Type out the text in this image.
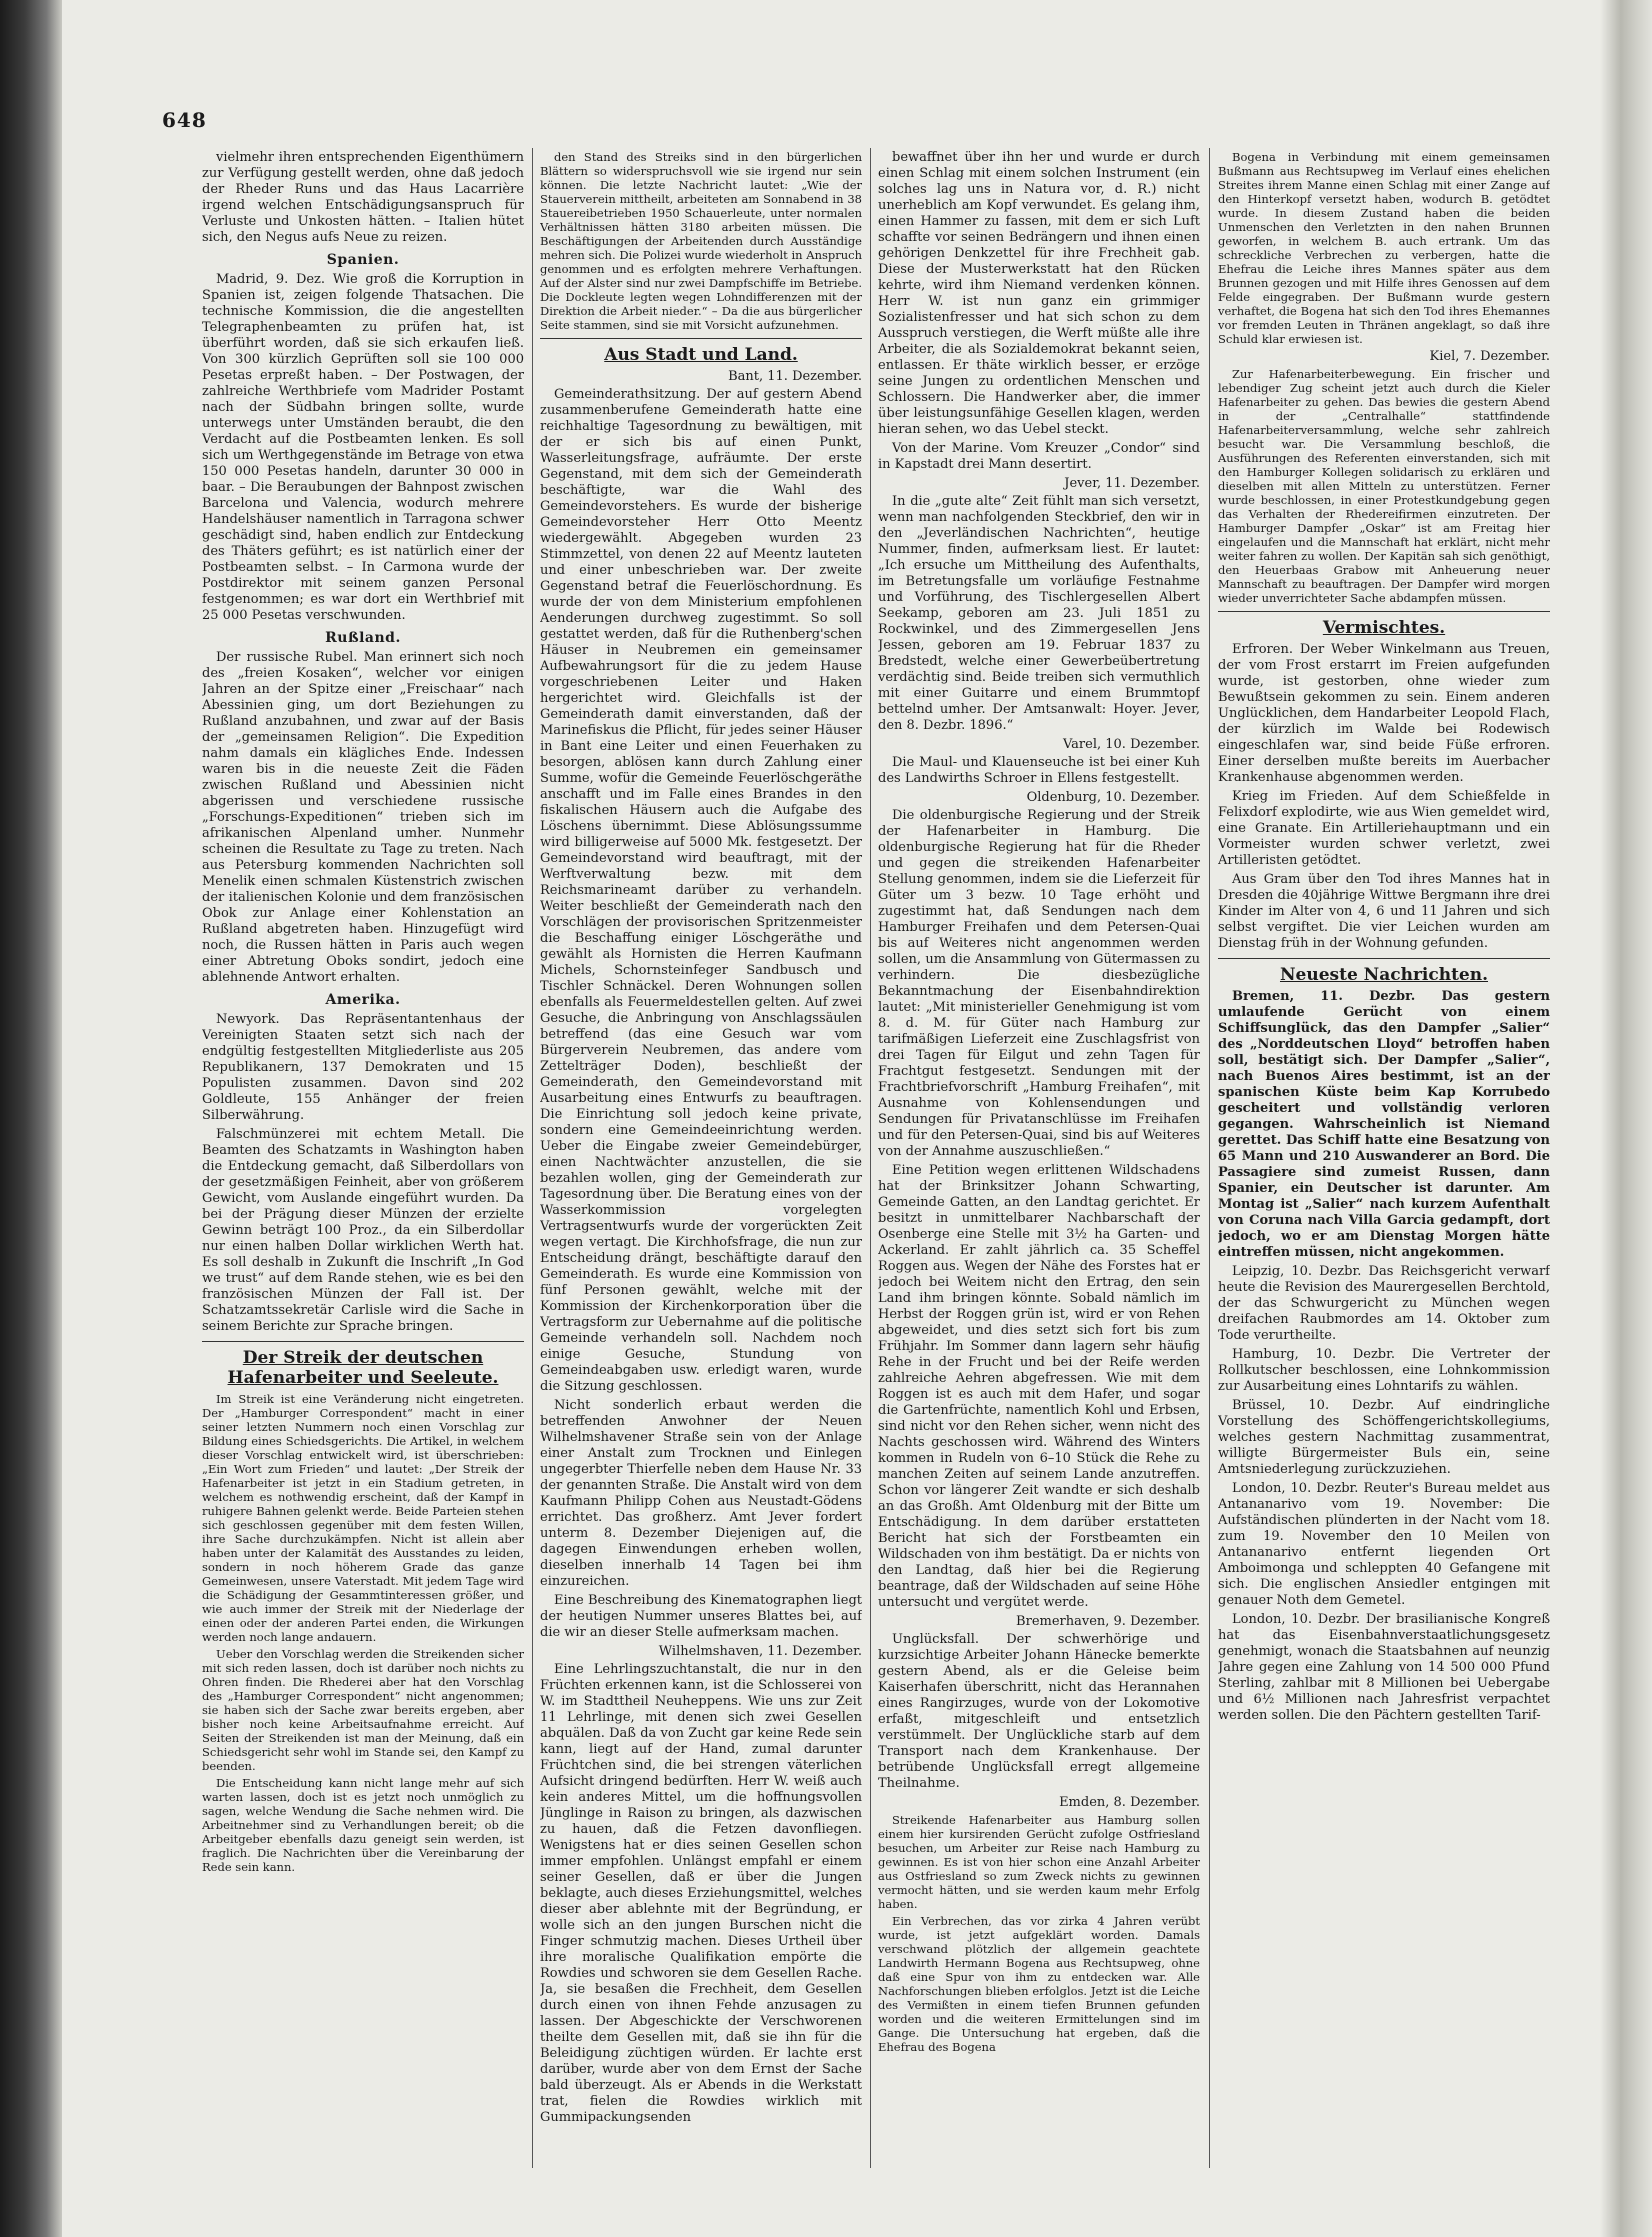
648

vielmehr ihren entsprechenden Eigenthümern zur Verfügung gestellt werden, ohne daß jedoch der Rheder Runs und das Haus Lacarrière irgend welchen Entschädigungsanspruch für Verluste und Unkosten hätten. – Italien hütet sich, den Negus aufs Neue zu reizen.

Spanien.

Madrid, 9. Dez. Wie groß die Korruption in Spanien ist, zeigen folgende Thatsachen. Die technische Kommission, die die angestellten Telegraphenbeamten zu prüfen hat, ist überführt worden, daß sie sich erkaufen ließ. Von 300 kürzlich Geprüften soll sie 100 000 Pesetas erpreßt haben. – Der Postwagen, der zahlreiche Werthbriefe vom Madrider Postamt nach der Südbahn bringen sollte, wurde unterwegs unter Umständen beraubt, die den Verdacht auf die Postbeamten lenken. Es soll sich um Werthgegenstände im Betrage von etwa 150 000 Pesetas handeln, darunter 30 000 in baar. – Die Beraubungen der Bahnpost zwischen Barcelona und Valencia, wodurch mehrere Handelshäuser namentlich in Tarragona schwer geschädigt sind, haben endlich zur Entdeckung des Thäters geführt; es ist natürlich einer der Postbeamten selbst. – In Carmona wurde der Postdirektor mit seinem ganzen Personal festgenommen; es war dort ein Werthbrief mit 25 000 Pesetas verschwunden.

Rußland.

Der russische Rubel. Man erinnert sich noch des „freien Kosaken“, welcher vor einigen Jahren an der Spitze einer „Freischaar“ nach Abessinien ging, um dort Beziehungen zu Rußland anzubahnen, und zwar auf der Basis der „gemeinsamen Religion“. Die Expedition nahm damals ein klägliches Ende. Indessen waren bis in die neueste Zeit die Fäden zwischen Rußland und Abessinien nicht abgerissen und verschiedene russische „Forschungs-Expeditionen“ trieben sich im afrikanischen Alpenland umher. Nunmehr scheinen die Resultate zu Tage zu treten. Nach aus Petersburg kommenden Nachrichten soll Menelik einen schmalen Küstenstrich zwischen der italienischen Kolonie und dem französischen Obok zur Anlage einer Kohlenstation an Rußland abgetreten haben. Hinzugefügt wird noch, die Russen hätten in Paris auch wegen einer Abtretung Oboks sondirt, jedoch eine ablehnende Antwort erhalten.

Amerika.

Newyork. Das Repräsentantenhaus der Vereinigten Staaten setzt sich nach der endgültig festgestellten Mitgliederliste aus 205 Republikanern, 137 Demokraten und 15 Populisten zusammen. Davon sind 202 Goldleute, 155 Anhänger der freien Silberwährung.

Falschmünzerei mit echtem Metall. Die Beamten des Schatzamts in Washington haben die Entdeckung gemacht, daß Silberdollars von der gesetzmäßigen Feinheit, aber von größerem Gewicht, vom Auslande eingeführt wurden. Da bei der Prägung dieser Münzen der erzielte Gewinn beträgt 100 Proz., da ein Silberdollar nur einen halben Dollar wirklichen Werth hat. Es soll deshalb in Zukunft die Inschrift „In God we trust“ auf dem Rande stehen, wie es bei den französischen Münzen der Fall ist. Der Schatzamtssekretär Carlisle wird die Sache in seinem Berichte zur Sprache bringen.

Der Streik der deutschen Hafenarbeiter und Seeleute.

Im Streik ist eine Veränderung nicht eingetreten. Der „Hamburger Correspondent“ macht in einer seiner letzten Nummern noch einen Vorschlag zur Bildung eines Schiedsgerichts. Die Artikel, in welchem dieser Vorschlag entwickelt wird, ist überschrieben: „Ein Wort zum Frieden“ und lautet: „Der Streik der Hafenarbeiter ist jetzt in ein Stadium getreten, in welchem es nothwendig erscheint, daß der Kampf in ruhigere Bahnen gelenkt werde. Beide Parteien stehen sich geschlossen gegenüber mit dem festen Willen, ihre Sache durchzukämpfen. Nicht ist allein aber haben unter der Kalamität des Ausstandes zu leiden, sondern in noch höherem Grade das ganze Gemeinwesen, unsere Vaterstadt. Mit jedem Tage wird die Schädigung der Gesammtinteressen größer, und wie auch immer der Streik mit der Niederlage der einen oder der anderen Partei enden, die Wirkungen werden noch lange andauern.

Ueber den Vorschlag werden die Streikenden sicher mit sich reden lassen, doch ist darüber noch nichts zu Ohren finden. Die Rhederei aber hat den Vorschlag des „Hamburger Correspondent“ nicht angenommen; sie haben sich der Sache zwar bereits ergeben, aber bisher noch keine Arbeitsaufnahme erreicht. Auf Seiten der Streikenden ist man der Meinung, daß ein Schiedsgericht sehr wohl im Stande sei, den Kampf zu beenden.

Die Entscheidung kann nicht lange mehr auf sich warten lassen, doch ist es jetzt noch unmöglich zu sagen, welche Wendung die Sache nehmen wird. Die Arbeitnehmer sind zu Verhandlungen bereit; ob die Arbeitgeber ebenfalls dazu geneigt sein werden, ist fraglich. Die Nachrichten über die Vereinbarung der Rede sein kann.

den Stand des Streiks sind in den bürgerlichen Blättern so widerspruchsvoll wie sie irgend nur sein können. Die letzte Nachricht lautet: „Wie der Stauerverein mittheilt, arbeiteten am Sonnabend in 38 Stauereibetrieben 1950 Schauerleute, unter normalen Verhältnissen hätten 3180 arbeiten müssen. Die Beschäftigungen der Arbeitenden durch Ausständige mehren sich. Die Polizei wurde wiederholt in Anspruch genommen und es erfolgten mehrere Verhaftungen. Auf der Alster sind nur zwei Dampfschiffe im Betriebe. Die Dockleute legten wegen Lohndifferenzen mit der Direktion die Arbeit nieder.“ – Da die aus bürgerlicher Seite stammen, sind sie mit Vorsicht aufzunehmen.

Aus Stadt und Land.

Bant, 11. Dezember.

Gemeinderathsitzung. Der auf gestern Abend zusammenberufene Gemeinderath hatte eine reichhaltige Tagesordnung zu bewältigen, mit der er sich bis auf einen Punkt, Wasserleitungsfrage, aufräumte. Der erste Gegenstand, mit dem sich der Gemeinderath beschäftigte, war die Wahl des Gemeindevorstehers. Es wurde der bisherige Gemeindevorsteher Herr Otto Meentz wiedergewählt. Abgegeben wurden 23 Stimmzettel, von denen 22 auf Meentz lauteten und einer unbeschrieben war. Der zweite Gegenstand betraf die Feuerlöschordnung. Es wurde der von dem Ministerium empfohlenen Aenderungen durchweg zugestimmt. So soll gestattet werden, daß für die Ruthenberg'schen Häuser in Neubremen ein gemeinsamer Aufbewahrungsort für die zu jedem Hause vorgeschriebenen Leiter und Haken hergerichtet wird. Gleichfalls ist der Gemeinderath damit einverstanden, daß der Marinefiskus die Pflicht, für jedes seiner Häuser in Bant eine Leiter und einen Feuerhaken zu besorgen, ablösen kann durch Zahlung einer Summe, wofür die Gemeinde Feuerlöschgeräthe anschafft und im Falle eines Brandes in den fiskalischen Häusern auch die Aufgabe des Löschens übernimmt. Diese Ablösungssumme wird billigerweise auf 5000 Mk. festgesetzt. Der Gemeindevorstand wird beauftragt, mit der Werftverwaltung bezw. mit dem Reichsmarineamt darüber zu verhandeln. Weiter beschließt der Gemeinderath nach den Vorschlägen der provisorischen Spritzenmeister die Beschaffung einiger Löschgeräthe und gewählt als Hornisten die Herren Kaufmann Michels, Schornsteinfeger Sandbusch und Tischler Schnäckel. Deren Wohnungen sollen ebenfalls als Feuermeldestellen gelten. Auf zwei Gesuche, die Anbringung von Anschlagssäulen betreffend (das eine Gesuch war vom Bürgerverein Neubremen, das andere vom Zettelträger Doden), beschließt der Gemeinderath, den Gemeindevorstand mit Ausarbeitung eines Entwurfs zu beauftragen. Die Einrichtung soll jedoch keine private, sondern eine Gemeindeeinrichtung werden. Ueber die Eingabe zweier Gemeindebürger, einen Nachtwächter anzustellen, die sie bezahlen wollen, ging der Gemeinderath zur Tagesordnung über. Die Beratung eines von der Wasserkommission vorgelegten Vertragsentwurfs wurde der vorgerückten Zeit wegen vertagt. Die Kirchhofsfrage, die nun zur Entscheidung drängt, beschäftigte darauf den Gemeinderath. Es wurde eine Kommission von fünf Personen gewählt, welche mit der Kommission der Kirchenkorporation über die Vertragsform zur Uebernahme auf die politische Gemeinde verhandeln soll. Nachdem noch einige Gesuche, Stundung von Gemeindeabgaben usw. erledigt waren, wurde die Sitzung geschlossen.

Nicht sonderlich erbaut werden die betreffenden Anwohner der Neuen Wilhelmshavener Straße sein von der Anlage einer Anstalt zum Trocknen und Einlegen ungegerbter Thierfelle neben dem Hause Nr. 33 der genannten Straße. Die Anstalt wird von dem Kaufmann Philipp Cohen aus Neustadt-Gödens errichtet. Das großherz. Amt Jever fordert unterm 8. Dezember Diejenigen auf, die dagegen Einwendungen erheben wollen, dieselben innerhalb 14 Tagen bei ihm einzureichen.

Eine Beschreibung des Kinematographen liegt der heutigen Nummer unseres Blattes bei, auf die wir an dieser Stelle aufmerksam machen.

Wilhelmshaven, 11. Dezember.

Eine Lehrlingszuchtanstalt, die nur in den Früchten erkennen kann, ist die Schlosserei von W. im Stadttheil Neuheppens. Wie uns zur Zeit 11 Lehrlinge, mit denen sich zwei Gesellen abquälen. Daß da von Zucht gar keine Rede sein kann, liegt auf der Hand, zumal darunter Früchtchen sind, die bei strengen väterlichen Aufsicht dringend bedürften. Herr W. weiß auch kein anderes Mittel, um die hoffnungsvollen Jünglinge in Raison zu bringen, als dazwischen zu hauen, daß die Fetzen davonfliegen. Wenigstens hat er dies seinen Gesellen schon immer empfohlen. Unlängst empfahl er einem seiner Gesellen, daß er über die Jungen beklagte, auch dieses Erziehungsmittel, welches dieser aber ablehnte mit der Begründung, er wolle sich an den jungen Burschen nicht die Finger schmutzig machen. Dieses Urtheil über ihre moralische Qualifikation empörte die Rowdies und schworen sie dem Gesellen Rache. Ja, sie besaßen die Frechheit, dem Gesellen durch einen von ihnen Fehde anzusagen zu lassen. Der Abgeschickte der Verschworenen theilte dem Gesellen mit, daß sie ihn für die Beleidigung züchtigen würden. Er lachte erst darüber, wurde aber von dem Ernst der Sache bald überzeugt. Als er Abends in die Werkstatt trat, fielen die Rowdies wirklich mit Gummipackungsenden

bewaffnet über ihn her und wurde er durch einen Schlag mit einem solchen Instrument (ein solches lag uns in Natura vor, d. R.) nicht unerheblich am Kopf verwundet. Es gelang ihm, einen Hammer zu fassen, mit dem er sich Luft schaffte vor seinen Bedrängern und ihnen einen gehörigen Denkzettel für ihre Frechheit gab. Diese der Musterwerkstatt hat den Rücken kehrte, wird ihm Niemand verdenken können. Herr W. ist nun ganz ein grimmiger Sozialistenfresser und hat sich schon zu dem Ausspruch verstiegen, die Werft müßte alle ihre Arbeiter, die als Sozialdemokrat bekannt seien, entlassen. Er thäte wirklich besser, er erzöge seine Jungen zu ordentlichen Menschen und Schlossern. Die Handwerker aber, die immer über leistungsunfähige Gesellen klagen, werden hieran sehen, wo das Uebel steckt.

Von der Marine. Vom Kreuzer „Condor“ sind in Kapstadt drei Mann desertirt.

Jever, 11. Dezember.

In die „gute alte“ Zeit fühlt man sich versetzt, wenn man nachfolgenden Steckbrief, den wir in den „Jeverländischen Nachrichten“, heutige Nummer, finden, aufmerksam liest. Er lautet: „Ich ersuche um Mittheilung des Aufenthalts, im Betretungsfalle um vorläufige Festnahme und Vorführung, des Tischlergesellen Albert Seekamp, geboren am 23. Juli 1851 zu Rockwinkel, und des Zimmergesellen Jens Jessen, geboren am 19. Februar 1837 zu Bredstedt, welche einer Gewerbeübertretung verdächtig sind. Beide treiben sich vermuthlich mit einer Guitarre und einem Brummtopf bettelnd umher. Der Amtsanwalt: Hoyer. Jever, den 8. Dezbr. 1896.“

Varel, 10. Dezember.

Die Maul- und Klauenseuche ist bei einer Kuh des Landwirths Schroer in Ellens festgestellt.

Oldenburg, 10. Dezember.

Die oldenburgische Regierung und der Streik der Hafenarbeiter in Hamburg. Die oldenburgische Regierung hat für die Rheder und gegen die streikenden Hafenarbeiter Stellung genommen, indem sie die Lieferzeit für Güter um 3 bezw. 10 Tage erhöht und zugestimmt hat, daß Sendungen nach dem Hamburger Freihafen und dem Petersen-Quai bis auf Weiteres nicht angenommen werden sollen, um die Ansammlung von Gütermassen zu verhindern. Die diesbezügliche Bekanntmachung der Eisenbahndirektion lautet: „Mit ministerieller Genehmigung ist vom 8. d. M. für Güter nach Hamburg zur tarifmäßigen Lieferzeit eine Zuschlagsfrist von drei Tagen für Eilgut und zehn Tagen für Frachtgut festgesetzt. Sendungen mit der Frachtbriefvorschrift „Hamburg Freihafen“, mit Ausnahme von Kohlensendungen und Sendungen für Privatanschlüsse im Freihafen und für den Petersen-Quai, sind bis auf Weiteres von der Annahme auszuschließen.“

Eine Petition wegen erlittenen Wildschadens hat der Brinksitzer Johann Schwarting, Gemeinde Gatten, an den Landtag gerichtet. Er besitzt in unmittelbarer Nachbarschaft der Osenberge eine Stelle mit 3½ ha Garten- und Ackerland. Er zahlt jährlich ca. 35 Scheffel Roggen aus. Wegen der Nähe des Forstes hat er jedoch bei Weitem nicht den Ertrag, den sein Land ihm bringen könnte. Sobald nämlich im Herbst der Roggen grün ist, wird er von Rehen abgeweidet, und dies setzt sich fort bis zum Frühjahr. Im Sommer dann lagern sehr häufig Rehe in der Frucht und bei der Reife werden zahlreiche Aehren abgefressen. Wie mit dem Roggen ist es auch mit dem Hafer, und sogar die Gartenfrüchte, namentlich Kohl und Erbsen, sind nicht vor den Rehen sicher, wenn nicht des Nachts geschossen wird. Während des Winters kommen in Rudeln von 6–10 Stück die Rehe zu manchen Zeiten auf seinem Lande anzutreffen. Schon vor längerer Zeit wandte er sich deshalb an das Großh. Amt Oldenburg mit der Bitte um Entschädigung. In dem darüber erstatteten Bericht hat sich der Forstbeamten ein Wildschaden von ihm bestätigt. Da er nichts von den Landtag, daß hier bei die Regierung beantrage, daß der Wildschaden auf seine Höhe untersucht und vergütet werde.

Bremerhaven, 9. Dezember.

Unglücksfall. Der schwerhörige und kurzsichtige Arbeiter Johann Hänecke bemerkte gestern Abend, als er die Geleise beim Kaiserhafen überschritt, nicht das Herannahen eines Rangirzuges, wurde von der Lokomotive erfaßt, mitgeschleift und entsetzlich verstümmelt. Der Unglückliche starb auf dem Transport nach dem Krankenhause. Der betrübende Unglücksfall erregt allgemeine Theilnahme.

Emden, 8. Dezember.

Streikende Hafenarbeiter aus Hamburg sollen einem hier kursirenden Gerücht zufolge Ostfriesland besuchen, um Arbeiter zur Reise nach Hamburg zu gewinnen. Es ist von hier schon eine Anzahl Arbeiter aus Ostfriesland so zum Zweck nichts zu gewinnen vermocht hätten, und sie werden kaum mehr Erfolg haben.

Ein Verbrechen, das vor zirka 4 Jahren verübt wurde, ist jetzt aufgeklärt worden. Damals verschwand plötzlich der allgemein geachtete Landwirth Hermann Bogena aus Rechtsupweg, ohne daß eine Spur von ihm zu entdecken war. Alle Nachforschungen blieben erfolglos. Jetzt ist die Leiche des Vermißten in einem tiefen Brunnen gefunden worden und die weiteren Ermittelungen sind im Gange. Die Untersuchung hat ergeben, daß die Ehefrau des Bogena

Bogena in Verbindung mit einem gemeinsamen Bußmann aus Rechtsupweg im Verlauf eines ehelichen Streites ihrem Manne einen Schlag mit einer Zange auf den Hinterkopf versetzt haben, wodurch B. getödtet wurde. In diesem Zustand haben die beiden Unmenschen den Verletzten in den nahen Brunnen geworfen, in welchem B. auch ertrank. Um das schreckliche Verbrechen zu verbergen, hatte die Ehefrau die Leiche ihres Mannes später aus dem Brunnen gezogen und mit Hilfe ihres Genossen auf dem Felde eingegraben. Der Bußmann wurde gestern verhaftet, die Bogena hat sich den Tod ihres Ehemannes vor fremden Leuten in Thränen angeklagt, so daß ihre Schuld klar erwiesen ist.

Kiel, 7. Dezember.

Zur Hafenarbeiterbewegung. Ein frischer und lebendiger Zug scheint jetzt auch durch die Kieler Hafenarbeiter zu gehen. Das bewies die gestern Abend in der „Centralhalle“ stattfindende Hafenarbeiterversammlung, welche sehr zahlreich besucht war. Die Versammlung beschloß, die Ausführungen des Referenten einverstanden, sich mit den Hamburger Kollegen solidarisch zu erklären und dieselben mit allen Mitteln zu unterstützen. Ferner wurde beschlossen, in einer Protestkundgebung gegen das Verhalten der Rhedereifirmen einzutreten. Der Hamburger Dampfer „Oskar“ ist am Freitag hier eingelaufen und die Mannschaft hat erklärt, nicht mehr weiter fahren zu wollen. Der Kapitän sah sich genöthigt, den Heuerbaas Grabow mit Anheuerung neuer Mannschaft zu beauftragen. Der Dampfer wird morgen wieder unverrichteter Sache abdampfen müssen.

Vermischtes.

Erfroren. Der Weber Winkelmann aus Treuen, der vom Frost erstarrt im Freien aufgefunden wurde, ist gestorben, ohne wieder zum Bewußtsein gekommen zu sein. Einem anderen Unglücklichen, dem Handarbeiter Leopold Flach, der kürzlich im Walde bei Rodewisch eingeschlafen war, sind beide Füße erfroren. Einer derselben mußte bereits im Auerbacher Krankenhause abgenommen werden.

Krieg im Frieden. Auf dem Schießfelde in Felixdorf explodirte, wie aus Wien gemeldet wird, eine Granate. Ein Artilleriehauptmann und ein Vormeister wurden schwer verletzt, zwei Artilleristen getödtet.

Aus Gram über den Tod ihres Mannes hat in Dresden die 40jährige Wittwe Bergmann ihre drei Kinder im Alter von 4, 6 und 11 Jahren und sich selbst vergiftet. Die vier Leichen wurden am Dienstag früh in der Wohnung gefunden.

Neueste Nachrichten.

Bremen, 11. Dezbr. Das gestern umlaufende Gerücht von einem Schiffsunglück, das den Dampfer „Salier“ des „Norddeutschen Lloyd“ betroffen haben soll, bestätigt sich. Der Dampfer „Salier“, nach Buenos Aires bestimmt, ist an der spanischen Küste beim Kap Korrubedo gescheitert und vollständig verloren gegangen. Wahrscheinlich ist Niemand gerettet. Das Schiff hatte eine Besatzung von 65 Mann und 210 Auswanderer an Bord. Die Passagiere sind zumeist Russen, dann Spanier, ein Deutscher ist darunter. Am Montag ist „Salier“ nach kurzem Aufenthalt von Coruna nach Villa Garcia gedampft, dort jedoch, wo er am Dienstag Morgen hätte eintreffen müssen, nicht angekommen.

Leipzig, 10. Dezbr. Das Reichsgericht verwarf heute die Revision des Maurergesellen Berchtold, der das Schwurgericht zu München wegen dreifachen Raubmordes am 14. Oktober zum Tode verurtheilte.

Hamburg, 10. Dezbr. Die Vertreter der Rollkutscher beschlossen, eine Lohnkommission zur Ausarbeitung eines Lohntarifs zu wählen.

Brüssel, 10. Dezbr. Auf eindringliche Vorstellung des Schöffengerichtskollegiums, welches gestern Nachmittag zusammentrat, willigte Bürgermeister Buls ein, seine Amtsniederlegung zurückzuziehen.

London, 10. Dezbr. Reuter's Bureau meldet aus Antananarivo vom 19. November: Die Aufständischen plünderten in der Nacht vom 18. zum 19. November den 10 Meilen von Antananarivo entfernt liegenden Ort Amboimonga und schleppten 40 Gefangene mit sich. Die englischen Ansiedler entgingen mit genauer Noth dem Gemetel.

London, 10. Dezbr. Der brasilianische Kongreß hat das Eisenbahnverstaatlichungsgesetz genehmigt, wonach die Staatsbahnen auf neunzig Jahre gegen eine Zahlung von 14 500 000 Pfund Sterling, zahlbar mit 8 Millionen bei Uebergabe und 6½ Millionen nach Jahresfrist verpachtet werden sollen. Die den Pächtern gestellten Tarif-
